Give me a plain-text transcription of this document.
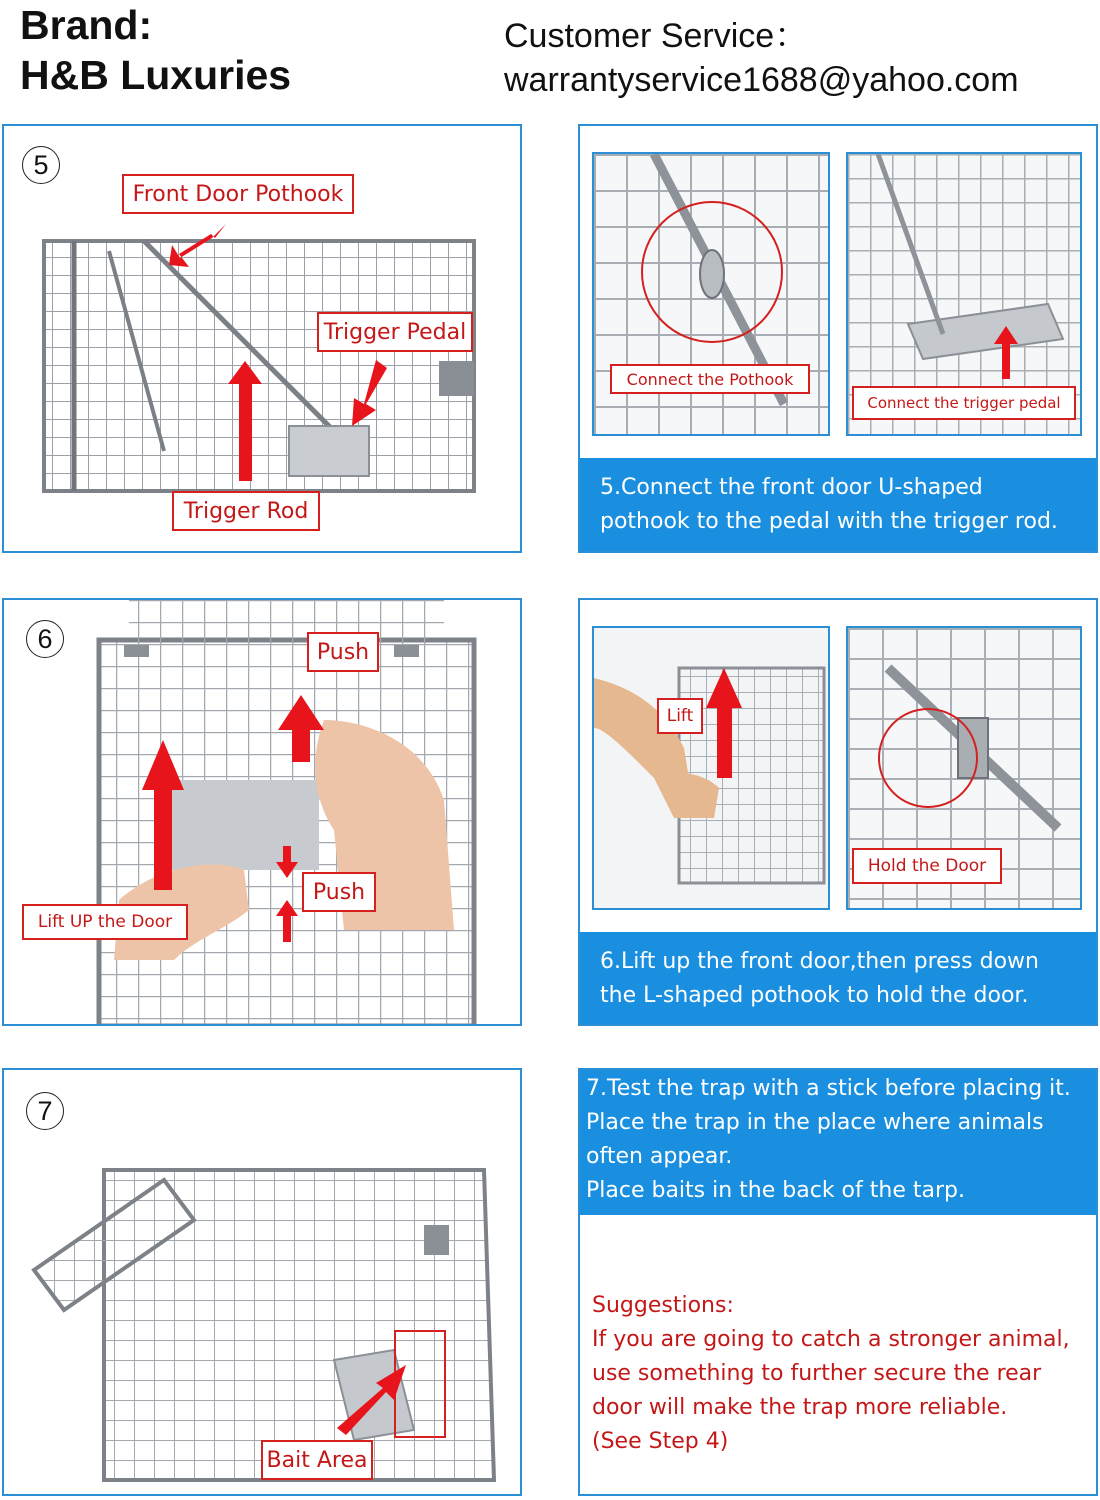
Brand:
H&B Luxuries
Customer Service：
warrantyservice1688@yahoo.com
5
Front Door Pothook
Trigger Pedal
Trigger Rod
Connect the Pothook
Connect the trigger pedal
5.Connect the front door U-shaped
pothook to the pedal with the trigger rod.
6	Push
Push
Lift UP the Door
Lift
Hold the Door
6.Lift up the front door,then press down
the L-shaped pothook to hold the door.
7
Bait Area
7.Test the trap with a stick before placing it.
Place the trap in the place where animals
often appear.
Place baits in the back of the tarp.
Suggestions:
If you are going to catch a stronger animal,
use something to further secure the rear
door will make the trap more reliable.
(See Step 4)
